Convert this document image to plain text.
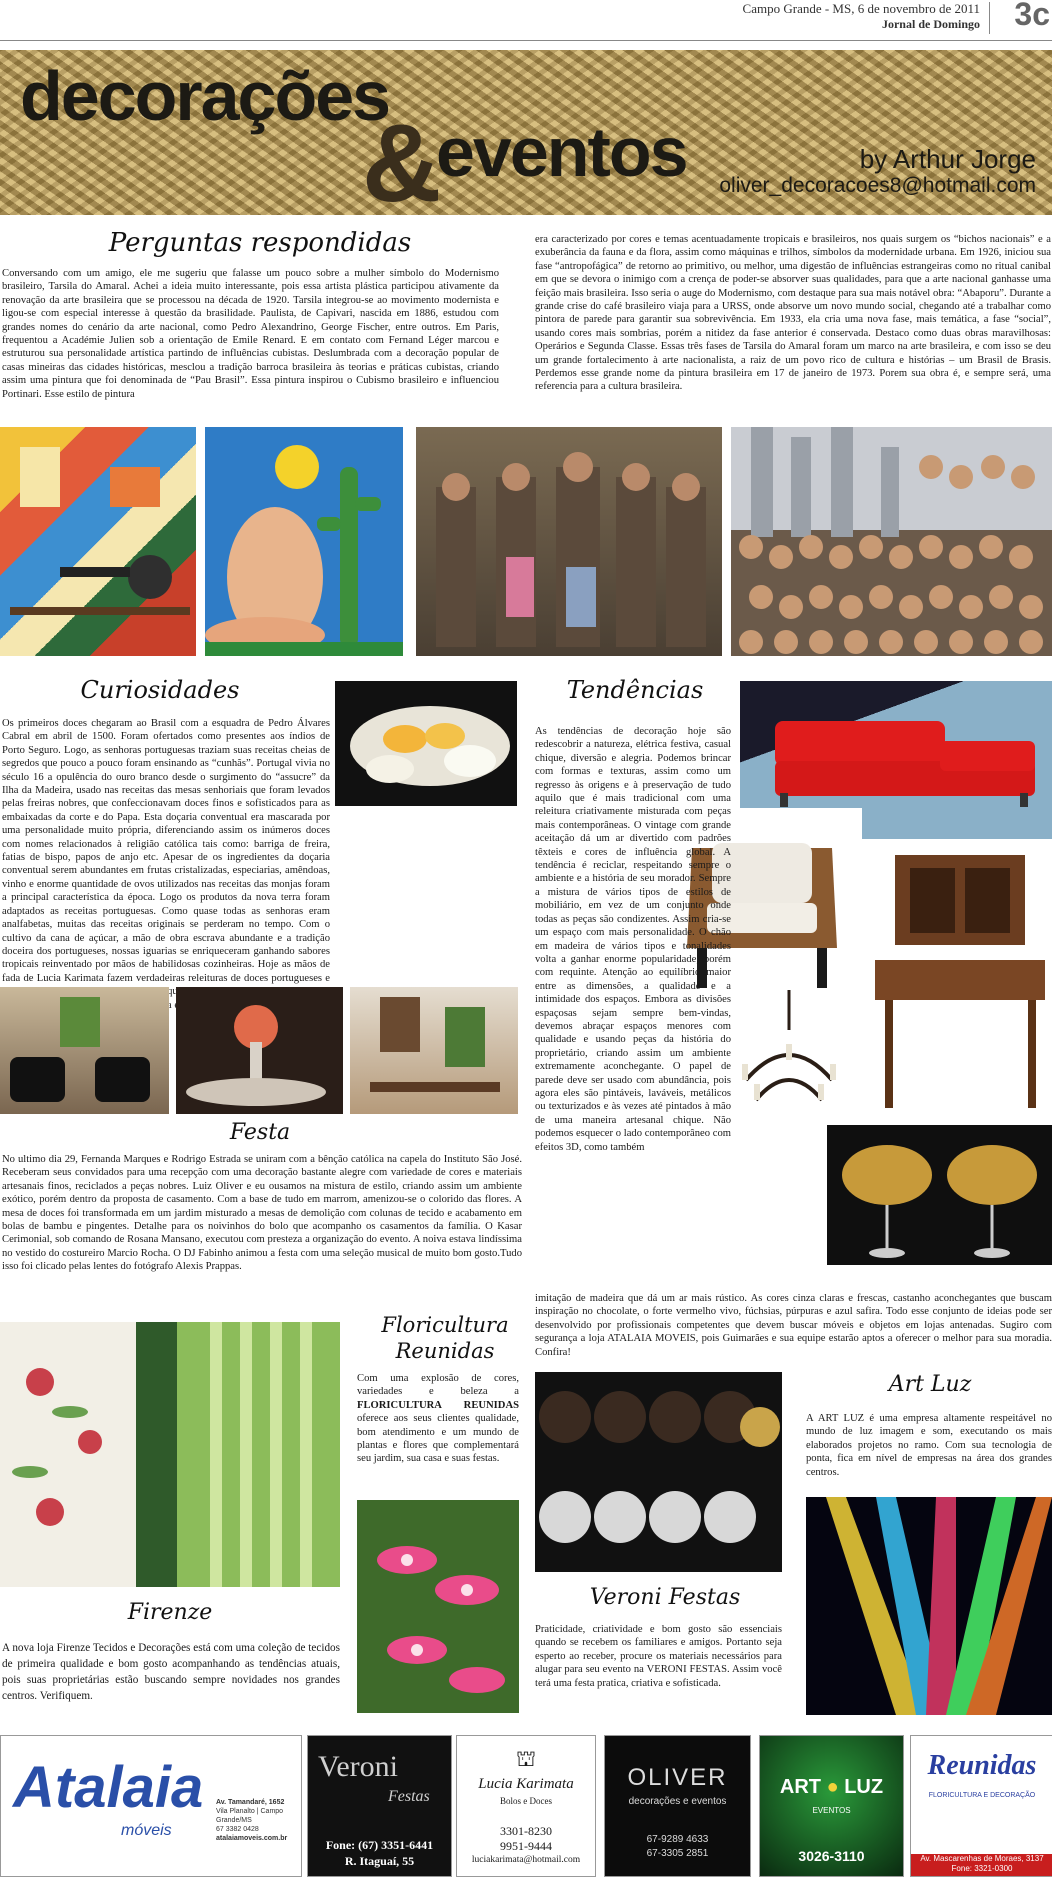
Campo Grande - MS, 6 de novembro de 2011
Jornal de Domingo 3c
decorações
&
eventos	by Arthur Jorge
oliver_decoracoes8@hotmail.com
Perguntas respondidas

Conversando com um amigo, ele me sugeriu que falasse um pouco sobre a mulher símbolo do Modernismo brasileiro, Tarsila do Amaral. Achei a ideia muito interessante, pois essa artista plástica participou ativamente da renovação da arte brasileira que se processou na década de 1920. Tarsila integrou-se ao movimento modernista e ligou-se com especial interesse à questão da brasilidade. Paulista, de Capivari, nascida em 1886, estudou com grandes nomes do cenário da arte nacional, como Pedro Alexandrino, George Fischer, entre outros. Em Paris, frequentou a Académie Julien sob a orientação de Emile Renard. E em contato com Fernand Léger marcou e estruturou sua personalidade artística partindo de influências cubistas. Deslumbrada com a decoração popular de casas mineiras das cidades históricas, mesclou a tradição barroca brasileira às teorias e práticas cubistas, criando assim uma pintura que foi denominada de “Pau Brasil”. Essa pintura inspirou o Cubismo brasileiro e influenciou Portinari. Esse estilo de pintura

era caracterizado por cores e temas acentuadamente tropicais e brasileiros, nos quais surgem os “bichos nacionais” e a exuberância da fauna e da flora, assim como máquinas e trilhos, símbolos da modernidade urbana. Em 1926, iniciou sua fase “antropofágica” de retorno ao primitivo, ou melhor, uma digestão de influências estrangeiras como no ritual canibal em que se devora o inimigo com a crença de poder-se absorver suas qualidades, para que a arte nacional ganhasse uma feição mais brasileira. Isso seria o auge do Modernismo, com destaque para sua mais notável obra: “Abaporu”. Durante a grande crise do café brasileiro viaja para a URSS, onde absorve um novo mundo social, chegando até a trabalhar como pintora de parede para garantir sua sobrevivência. Em 1933, ela cria uma nova fase, mais temática, a fase “social”, usando cores mais sombrias, porém a nitidez da fase anterior é conservada. Destaco como duas obras maravilhosas: Operários e Segunda Classe. Essas três fases de Tarsila do Amaral foram um marco na arte brasileira, e com isso se deu um grande fortalecimento à arte nacionalista, a raiz de um povo rico de cultura e histórias – um Brasil de Brasis. Perdemos esse grande nome da pintura brasileira em 17 de janeiro de 1973. Porem sua obra é, e sempre será, uma referencia para a cultura brasileira.

Curiosidades

Os primeiros doces chegaram ao Brasil com a esquadra de Pedro Álvares Cabral em abril de 1500. Foram ofertados como presentes aos índios de Porto Seguro. Logo, as senhoras portuguesas traziam suas receitas cheias de segredos que pouco a pouco foram ensinando as “cunhãs”. Portugal vivia no século 16 a opulência do ouro branco desde o surgimento do “assucre” da Ilha da Madeira, usado nas receitas das mesas senhoriais que foram levados pelas freiras nobres, que confeccionavam doces finos e sofisticados para as embaixadas da corte e do Papa. Esta doçaria conventual era mascarada por uma personalidade muito própria, diferenciando assim os inúmeros doces com nomes relacionados à religião católica tais como: barriga de freira, fatias de bispo, papos de anjo etc. Apesar de os ingredientes da doçaria conventual serem abundantes em frutas cristalizadas, especiarias, amêndoas, vinho e enorme quantidade de ovos utilizados nas receitas das monjas foram a principal característica da época. Logo os produtos da nova terra foram adaptados as receitas portuguesas. Como quase todas as senhoras eram analfabetas, muitas das receitas originais se perderam no tempo. Com o cultivo da cana de açúcar, a mão de obra escrava abundante e a tradição doceira dos portugueses, nossas iguarias se enriqueceram ganhando sabores tropicais reinventado por mãos de habilidosas cozinheiras. Hoje as mãos de fada de Lucia Karimata fazem verdadeiras releituras de doces portugueses e que

Festa

No ultimo dia 29, Fernanda Marques e Rodrigo Estrada se uniram com a bênção católica na capela do Instituto São José. Receberam seus convidados para uma recepção com uma decoração bastante alegre com variedade de cores e materiais artesanais finos, reciclados a peças nobres. Luiz Oliver e eu ousamos na mistura de estilo, criando assim um ambiente exótico, porém dentro da proposta de casamento. Com a base de tudo em marrom, amenizou-se o colorido das flores. A mesa de doces foi transformada em um jardim misturado a mesas de demolição com colunas de tecido e acabamento em bolas de bambu e pingentes. Detalhe para os noivinhos do bolo que acompanho os casamentos da família. O Kasar Cerimonial, sob comando de Rosana Mansano, executou com presteza a organização do evento. A noiva estava lindíssima no vestido do costureiro Marcio Rocha. O DJ Fabinho animou a festa com uma seleção musical de muito bom gosto.Tudo isso foi clicado pelas lentes do fotógrafo Alexis Prappas.

Tendências

As tendências de decoração hoje são redescobrir a natureza, elétrica festiva, casual chique, diversão e alegria. Podemos brincar com formas e texturas, assim como um regresso às origens e à preservação de tudo aquilo que é mais tradicional com uma releitura criativamente misturada com peças mais contemporâneas. O vintage com grande aceitação dá um ar divertido com padrões têxteis e cores de influência global. A tendência é reciclar, respeitando sempre o ambiente e a história de seu morador. Sempre a mistura de vários tipos de estilos de mobiliário, em vez de um conjunto onde todas as peças são condizentes. Assim cria-se um espaço com mais personalidade. O chão em madeira de vários tipos e tonalidades volta a ganhar enorme popularidade, porém com requinte. Atenção ao equilíbrio maior entre as dimensões, a qualidade e a intimidade dos espaços. Embora as divisões espaçosas sejam sempre bem-vindas, devemos abraçar espaços menores com qualidade e usando peças da história do proprietário, criando assim um ambiente extremamente aconchegante. O papel de parede deve ser usado com abundância, pois agora eles são pintáveis, laváveis, metálicos ou texturizados e às vezes até pintados à mão de uma maneira artesanal chique. Não podemos esquecer o lado contemporâneo com efeitos 3D, como também

imitação de madeira que dá um ar mais rústico. As cores cinza claras e frescas, castanho aconchegantes que buscam inspiração no chocolate, o forte vermelho vivo, fúchsias, púrpuras e azul safira. Todo esse conjunto de ideias pode ser desenvolvido por profissionais competentes que devem buscar móveis e objetos em lojas antenadas. Sugiro com segurança a loja ATALAIA MOVEIS, pois Guimarães e sua equipe estarão aptos a oferecer o melhor para sua moradia. Confira!

Floricultura Reunidas

Com uma explosão de cores, variedades e beleza a FLORICULTURA REUNIDAS oferece aos seus clientes qualidade, bom atendimento e um mundo de plantas e flores que complementará seu jardim, sua casa e suas festas.

Art Luz

A ART LUZ é uma empresa altamente respeitável no mundo de luz imagem e som, executando os mais elaborados projetos no ramo. Com sua tecnologia de ponta, fica em nível de empresas na área dos grandes centros.

Firenze

A nova loja Firenze Tecidos e Decorações está com uma coleção de tecidos de primeira qualidade e bom gosto acompanhando as tendências atuais, pois suas proprietárias estão buscando sempre novidades nos grandes centros. Verifiquem.

Veroni Festas

Praticidade, criatividade e bom gosto são essenciais quando se recebem os familiares e amigos. Portanto seja esperto ao receber, procure os materiais necessários para alugar para seu evento na VERONI FESTAS. Assim você terá uma festa pratica, criativa e sofisticada.

Atalaia
móveis
Av. Tamandaré, 1652
Vila Planalto | Campo Grande/MS
67 3382 0428
atalaiamoveis.com.br
Veroni
Festas
Fone: (67) 3351-6441
R. Itaguaí, 55
⛫
Lucia Karimata
Bolos e Doces
3301-8230
9951-9444
luciakarimata@hotmail.com
OLIVER
decorações e eventos
67-9289 4633
67-3305 2851
ART ● LUZ
EVENTOS
3026-3110
Reunidas
FLORICULTURA E DECORAÇÃO
Av. Mascarenhas de Moraes, 3137
Fone: 3321-0300
